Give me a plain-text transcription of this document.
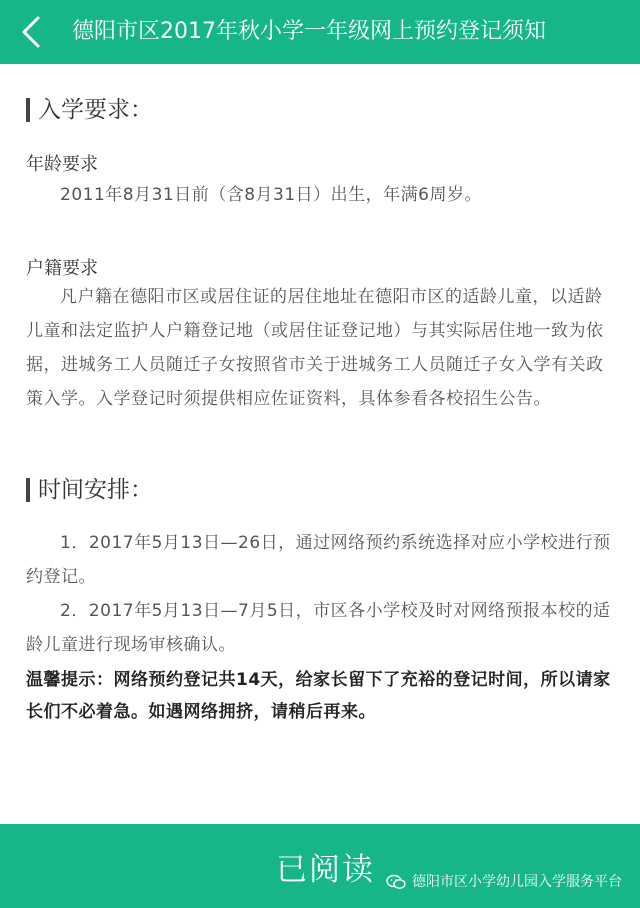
德阳市区2017年秋小学一年级网上预约登记须知
入学要求：
年龄要求
2011年8月31日前（含8月31日）出生，年满6周岁。
户籍要求
凡户籍在德阳市区或居住证的居住地址在德阳市区的适龄儿童，以适龄儿童和法定监护人户籍登记地（或居住证登记地）与其实际居住地一致为依据，进城务工人员随迁子女按照省市关于进城务工人员随迁子女入学有关政策入学。入学登记时须提供相应佐证资料，具体参看各校招生公告。
时间安排：
1．2017年5月13日—26日，通过网络预约系统选择对应小学校进行预约登记。
2．2017年5月13日—7月5日，市区各小学校及时对网络预报本校的适龄儿童进行现场审核确认。
温馨提示：网络预约登记共14天，给家长留下了充裕的登记时间，所以请家长们不必着急。如遇网络拥挤，请稍后再来。
已阅读	德阳市区小学幼儿园入学服务平台
